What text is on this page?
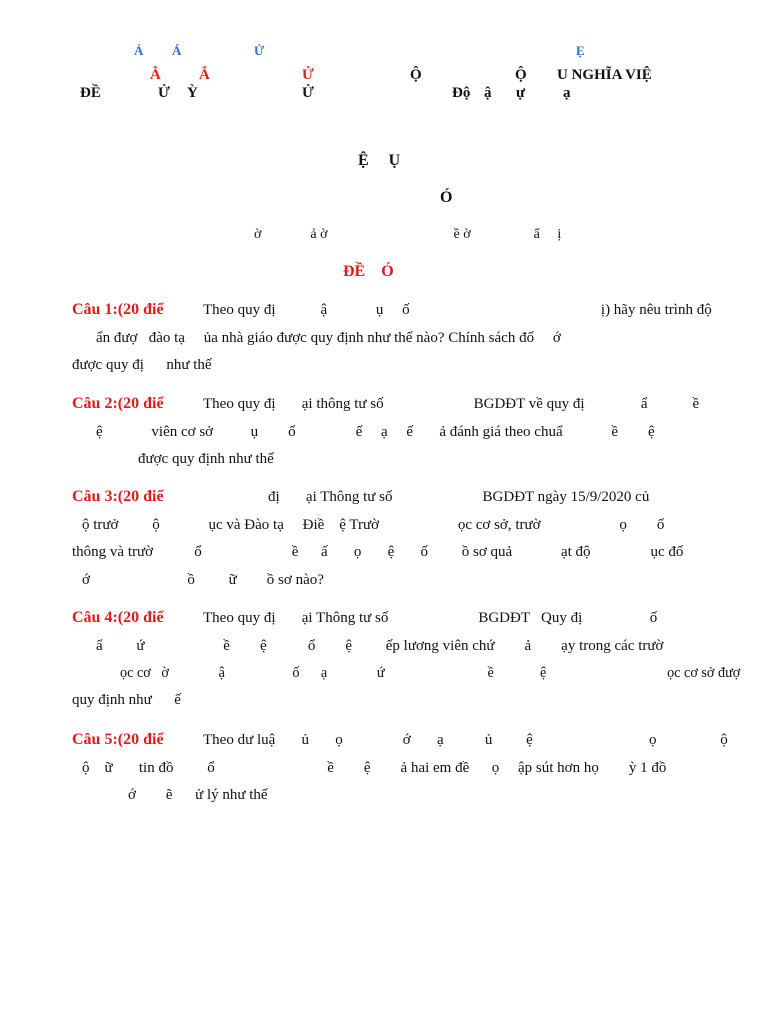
Ả Á	Ử	Ẹ
Ằ	Ắ	Ử	Ộ	Ộ U NGHĨA VIỆ
ĐỀ	Ử Ỳ	Ử	Độ ậ ự	ạ
Ệ     Ụ
Ó
ờ              ả ờ                                    ề ờ                  ẩ     ị
ĐỀ    Ó
Câu 1:(20 điể	Theo quy đị            ậ             ụ     ố                                                   ị) hãy nêu trình độ
ẩn đượ   đào tạ     ủa nhà giáo được quy định như thế nào? Chính sách đố     ớ
được quy đị      như thế
Câu 2:(20 điể	Theo quy đị       ại thông tư số                        BGDĐT về quy đị               ẩ            ề
ệ             viên cơ sở          ụ        ổ                ế     ạ     ế       ả đánh giá theo chuẩ             ề        ệ
được quy định như thế
Câu 3:(20 điể	đị       ại Thông tư số                        BGDĐT ngày 15/9/2020 củ
ộ trưở         ộ             ục và Đào tạ     Điề    ệ Trườ                     ọc cơ sở, trườ                     ọ        ổ
thông và trườ           ổ                        ề      ấ       ọ       ệ       ố         ồ sơ quả             ạt độ                ục đố
ớ                          ồ         ữ        ồ sơ nào?
Câu 4:(20 điể	Theo quy đị       ại Thông tư số                        BGDĐT   Quy đị                  ố
ẩ         ứ                     ề        ệ           ổ        ệ         ếp lương viên chứ        ả        ạy trong các trườ
ọc cơ   ờ              ậ                   ố      ạ              ứ                             ề             ệ                                  ọc cơ sở đượ
quy định như      ế
Câu 5:(20 điể	Theo dư luậ       ủ       ọ                ớ       ạ           ủ         ệ                               ọ                 ộ
ộ    ữ       tin đồ         ổ                              ề        ệ        ả hai em đề      ọ     ập sút hơn họ        ỳ 1 đồ
ớ        ẽ      ử lý như thế
